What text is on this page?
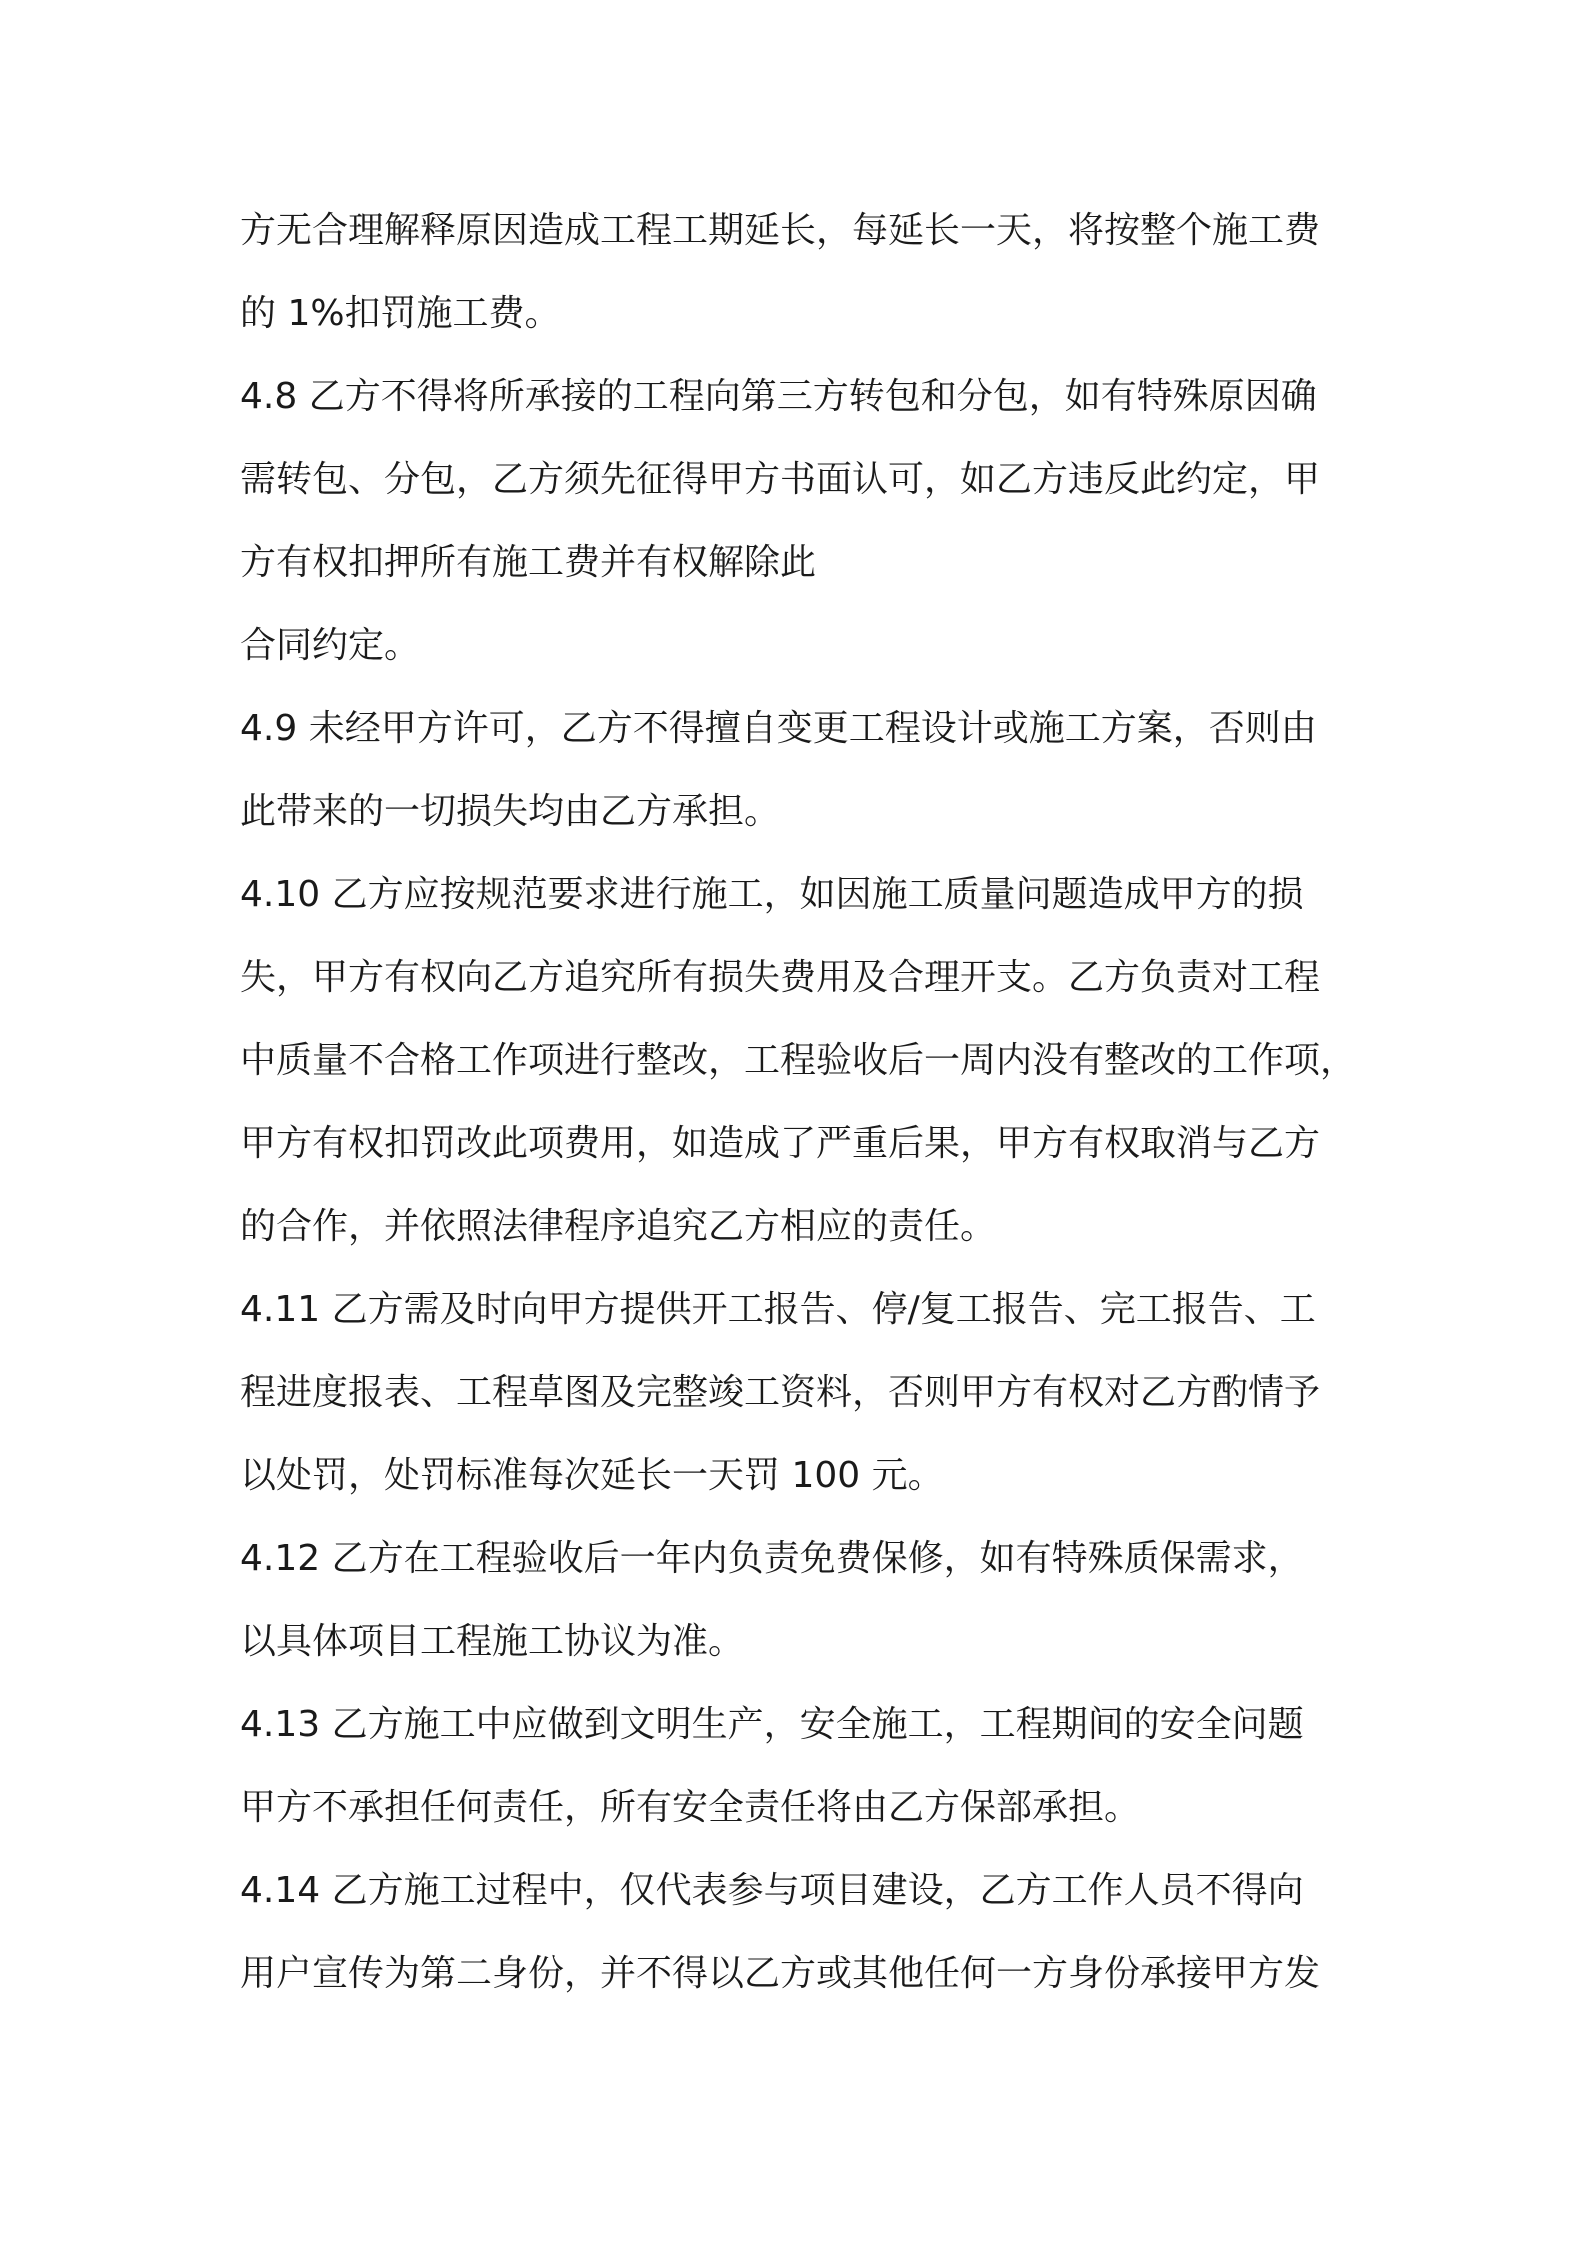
方无合理解释原因造成工程工期延长，每延长一天，将按整个施工费

的 1%扣罚施工费。

4.8 乙方不得将所承接的工程向第三方转包和分包，如有特殊原因确

需转包、分包，乙方须先征得甲方书面认可，如乙方违反此约定，甲

方有权扣押所有施工费并有权解除此

合同约定。

4.9 未经甲方许可，乙方不得擅自变更工程设计或施工方案，否则由

此带来的一切损失均由乙方承担。

4.10 乙方应按规范要求进行施工，如因施工质量问题造成甲方的损

失，甲方有权向乙方追究所有损失费用及合理开支。乙方负责对工程

中质量不合格工作项进行整改，工程验收后一周内没有整改的工作项，

甲方有权扣罚改此项费用，如造成了严重后果，甲方有权取消与乙方

的合作，并依照法律程序追究乙方相应的责任。

4.11 乙方需及时向甲方提供开工报告、停/复工报告、完工报告、工

程进度报表、工程草图及完整竣工资料，否则甲方有权对乙方酌情予

以处罚，处罚标准每次延长一天罚 100 元。

4.12 乙方在工程验收后一年内负责免费保修，如有特殊质保需求，

以具体项目工程施工协议为准。

4.13 乙方施工中应做到文明生产，安全施工，工程期间的安全问题

甲方不承担任何责任，所有安全责任将由乙方保部承担。

4.14 乙方施工过程中，仅代表参与项目建设，乙方工作人员不得向

用户宣传为第二身份，并不得以乙方或其他任何一方身份承接甲方发
